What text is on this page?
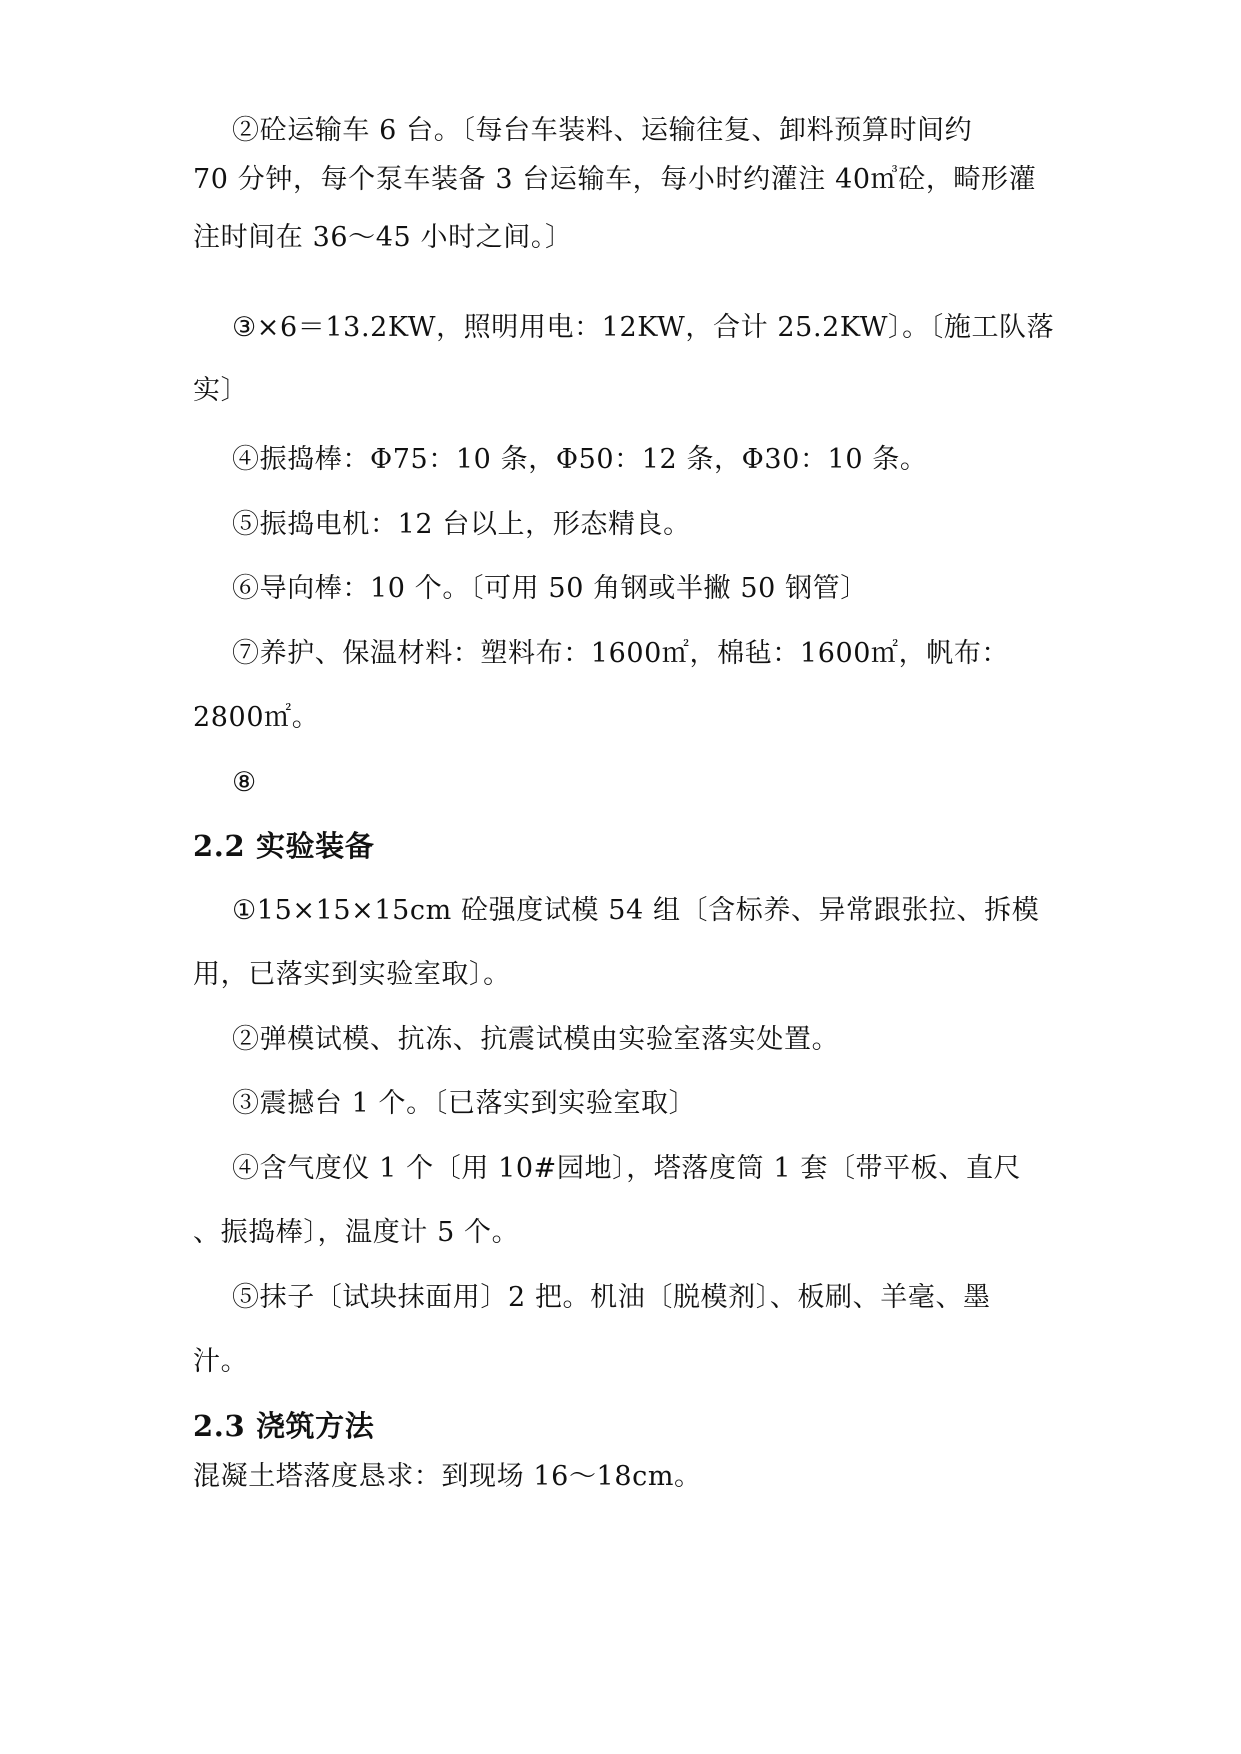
②砼运输车 6 台。〔每台车装料、运输往复、卸料预算时间约
70 分钟，每个泵车装备 3 台运输车，每小时约灌注 40㎥砼，畸形灌
注时间在 36～45 小时之间。〕
③×6＝13.2KW，照明用电：12KW，合计 25.2KW〕。〔施工队落
实〕
④振捣棒：Φ75：10 条，Φ50：12 条，Φ30：10 条。
⑤振捣电机：12 台以上，形态精良。
⑥导向棒：10 个。〔可用 50 角钢或半撇 50 钢管〕
⑦养护、保温材料：塑料布：1600㎡，棉毡：1600㎡，帆布：
2800㎡。
⑧
2.2 实验装备
①15×15×15cm 砼强度试模 54 组〔含标养、异常跟张拉、拆模
用，已落实到实验室取〕。
②弹模试模、抗冻、抗震试模由实验室落实处置。
③震撼台 1 个。〔已落实到实验室取〕
④含气度仪 1 个〔用 10#园地〕，塔落度筒 1 套〔带平板、直尺
、振捣棒〕，温度计 5 个。
⑤抹子〔试块抹面用〕2 把。机油〔脱模剂〕、板刷、羊毫、墨
汁。
2.3 浇筑方法
混凝土塔落度恳求：到现场 16～18cm。
